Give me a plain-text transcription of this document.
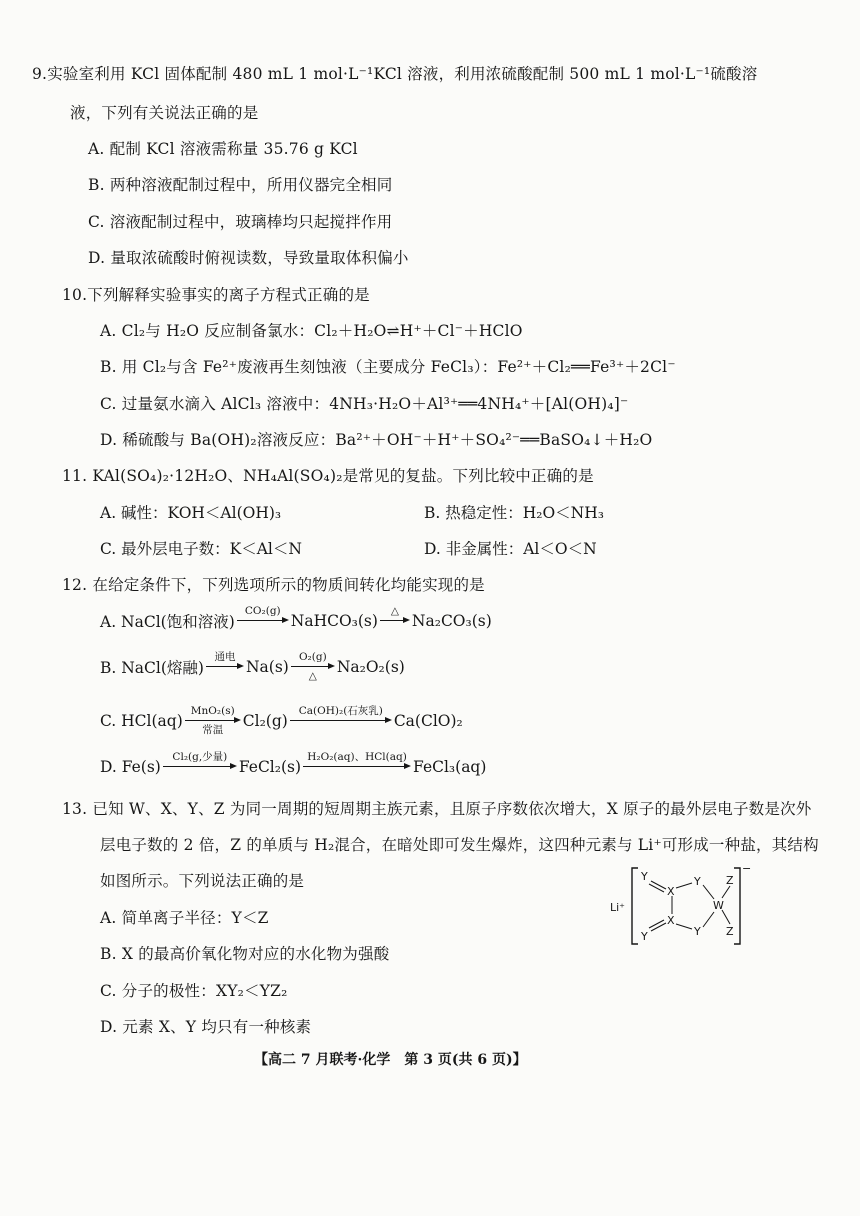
9.实验室利用 KCl 固体配制 480 mL 1 mol·L⁻¹KCl 溶液，利用浓硫酸配制 500 mL 1 mol·L⁻¹硫酸溶
液，下列有关说法正确的是
A. 配制 KCl 溶液需称量 35.76 g KCl
B. 两种溶液配制过程中，所用仪器完全相同
C. 溶液配制过程中，玻璃棒均只起搅拌作用
D. 量取浓硫酸时俯视读数，导致量取体积偏小
10.下列解释实验事实的离子方程式正确的是
A. Cl₂与 H₂O 反应制备氯水：Cl₂＋H₂O⇌H⁺＋Cl⁻＋HClO
B. 用 Cl₂与含 Fe²⁺废液再生刻蚀液（主要成分 FeCl₃）：Fe²⁺＋Cl₂══Fe³⁺＋2Cl⁻
C. 过量氨水滴入 AlCl₃ 溶液中：4NH₃·H₂O＋Al³⁺══4NH₄⁺＋[Al(OH)₄]⁻
D. 稀硫酸与 Ba(OH)₂溶液反应：Ba²⁺＋OH⁻＋H⁺＋SO₄²⁻══BaSO₄↓＋H₂O
11. KAl(SO₄)₂·12H₂O、NH₄Al(SO₄)₂是常见的复盐。下列比较中正确的是
A. 碱性：KOH＜Al(OH)₃	B. 热稳定性：H₂O＜NH₃
C. 最外层电子数：K＜Al＜N	D. 非金属性：Al＜O＜N
12. 在给定条件下，下列选项所示的物质间转化均能实现的是
A. NaCl(饱和溶液)
CO₂(g)
NaHCO₃(s)
△
Na₂CO₃(s)
B. NaCl(熔融)
通电
Na(s)
O₂(g)
△ Na₂O₂(s)
C. HCl(aq)
MnO₂(s)
常温 Cl₂(g)
Ca(OH)₂(石灰乳)
Ca(ClO)₂
D. Fe(s)
Cl₂(g,少量)
FeCl₂(s)
H₂O₂(aq)、HCl(aq)
FeCl₃(aq)
13. 已知 W、X、Y、Z 为同一周期的短周期主族元素，且原子序数依次增大，X 原子的最外层电子数是次外
层电子数的 2 倍，Z 的单质与 H₂混合，在暗处即可发生爆炸，这四种元素与 Li⁺可形成一种盐，其结构
如图所示。下列说法正确的是
A. 简单离子半径：Y＜Z
B. X 的最高价氧化物对应的水化物为强酸
C. 分子的极性：XY₂＜YZ₂
D. 元素 X、Y 均只有一种核素
Li⁺
−
Y
X
Y
W
Z
Z
X
Y
Y
【高二 7 月联考·化学　第 3 页(共 6 页)】
